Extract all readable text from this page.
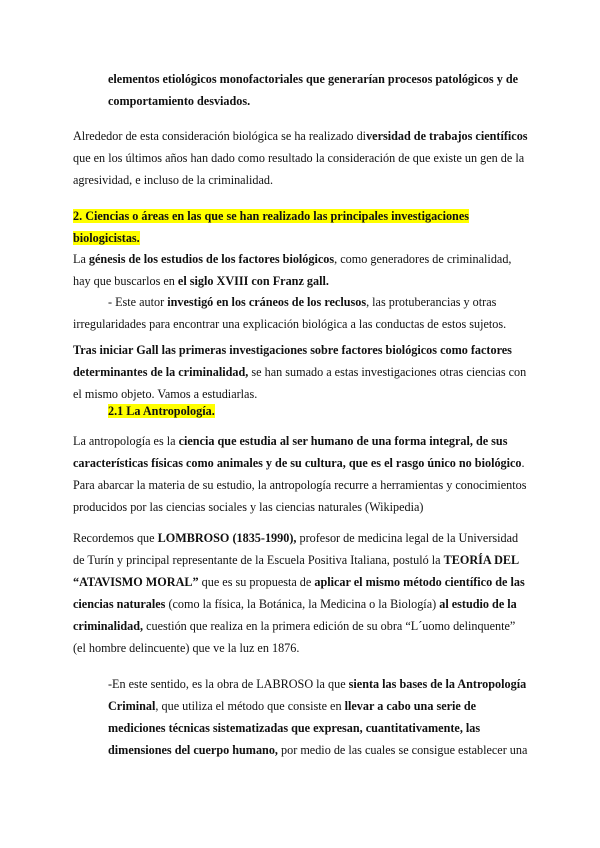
elementos etiológicos monofactoriales que generarían procesos patológicos y de comportamiento desviados.

Alrededor de esta consideración biológica se ha realizado diversidad de trabajos científicos que en los últimos años han dado como resultado la consideración de que existe un gen de la agresividad, e incluso de la criminalidad.

2. Ciencias o áreas en las que se han realizado las principales investigaciones biologicistas.

La génesis de los estudios de los factores biológicos, como generadores de criminalidad, hay que buscarlos en el siglo XVIII con Franz gall.

- Este autor investigó en los cráneos de los reclusos, las protuberancias y otras irregularidades para encontrar una explicación biológica a las conductas de estos sujetos.

Tras iniciar Gall las primeras investigaciones sobre factores biológicos como factores determinantes de la criminalidad, se han sumado a estas investigaciones otras ciencias con el mismo objeto. Vamos a estudiarlas.

2.1 La Antropología.

La antropología es la ciencia que estudia al ser humano de una forma integral, de sus características físicas como animales y de su cultura, que es el rasgo único no biológico. Para abarcar la materia de su estudio, la antropología recurre a herramientas y conocimientos producidos por las ciencias sociales y las ciencias naturales (Wikipedia)

Recordemos que LOMBROSO (1835-1990), profesor de medicina legal de la Universidad de Turín y principal representante de la Escuela Positiva Italiana, postuló la TEORÍA DEL “ATAVISMO MORAL” que es su propuesta de aplicar el mismo método científico de las ciencias naturales (como la física, la Botánica, la Medicina o la Biología) al estudio de la criminalidad, cuestión que realiza en la primera edición de su obra “L´uomo delinquente” (el hombre delincuente) que ve la luz en 1876.

-En este sentido, es la obra de LABROSO la que sienta las bases de la Antropología Criminal, que utiliza el método que consiste en llevar a cabo una serie de mediciones técnicas sistematizadas que expresan, cuantitativamente, las dimensiones del cuerpo humano, por medio de las cuales se consigue establecer una
